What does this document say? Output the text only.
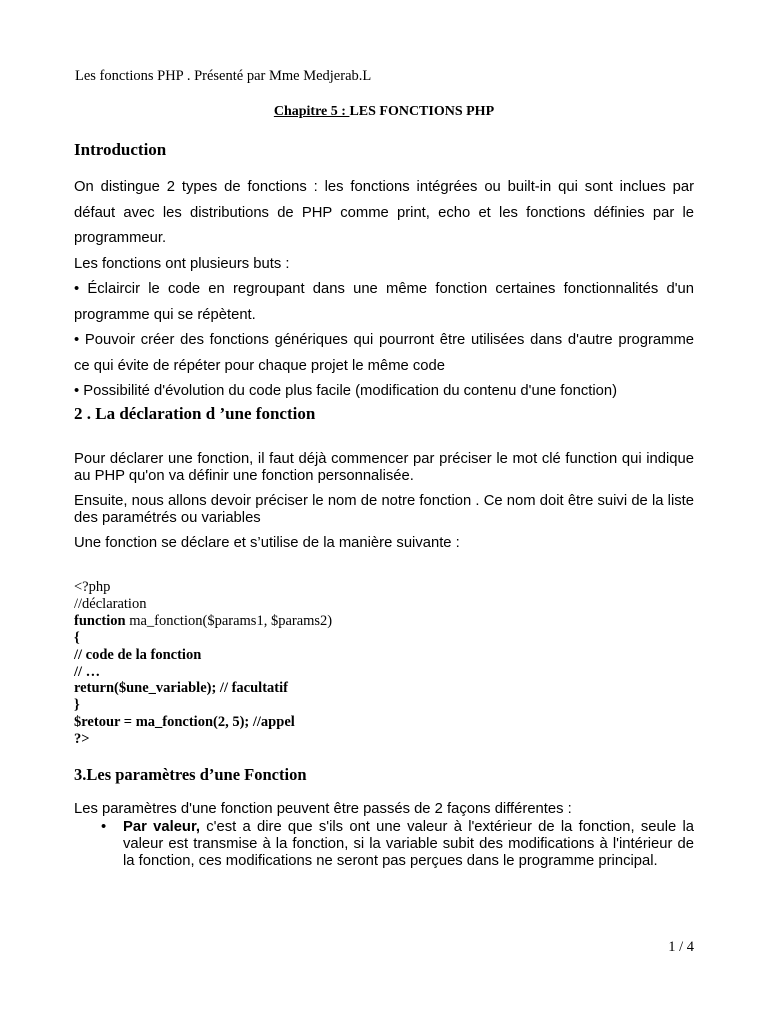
Les fonctions PHP . Présenté par Mme Medjerab.L
Chapitre 5 : LES FONCTIONS PHP
Introduction

On distingue 2 types de fonctions : les fonctions intégrées ou built-in qui sont inclues par défaut avec les distributions de PHP comme print, echo et les fonctions définies par le programmeur.

Les fonctions ont plusieurs buts :

• Éclaircir le code en regroupant dans une même fonction certaines fonctionnalités d'un programme qui se répètent.

• Pouvoir créer des fonctions génériques qui pourront être utilisées dans d'autre programme ce qui évite de répéter pour chaque projet le même code

• Possibilité d'évolution du code plus facile (modification du contenu d'une fonction)

2 . La déclaration d ’une fonction

Pour déclarer une fonction, il faut déjà commencer par préciser le mot clé function qui indique au PHP qu'on va définir une fonction personnalisée.

Ensuite, nous allons devoir préciser le nom de notre fonction . Ce nom doit être suivi de la liste des paramétrés ou variables

Une fonction se déclare et s’utilise de la manière suivante :

<?php
//déclaration
function ma_fonction($params1, $params2)
{
// code de la fonction
// …
return($une_variable); // facultatif
}
$retour = ma_fonction(2, 5); //appel
?>
3.Les paramètres d’une Fonction

Les paramètres d'une fonction peuvent être passés de 2 façons différentes :

• Par valeur, c'est a dire que s'ils ont une valeur à l'extérieur de la fonction, seule la valeur est transmise à la fonction, si la variable subit des modifications à l'intérieur de la fonction, ces modifications ne seront pas perçues dans le programme principal.
1 / 4
